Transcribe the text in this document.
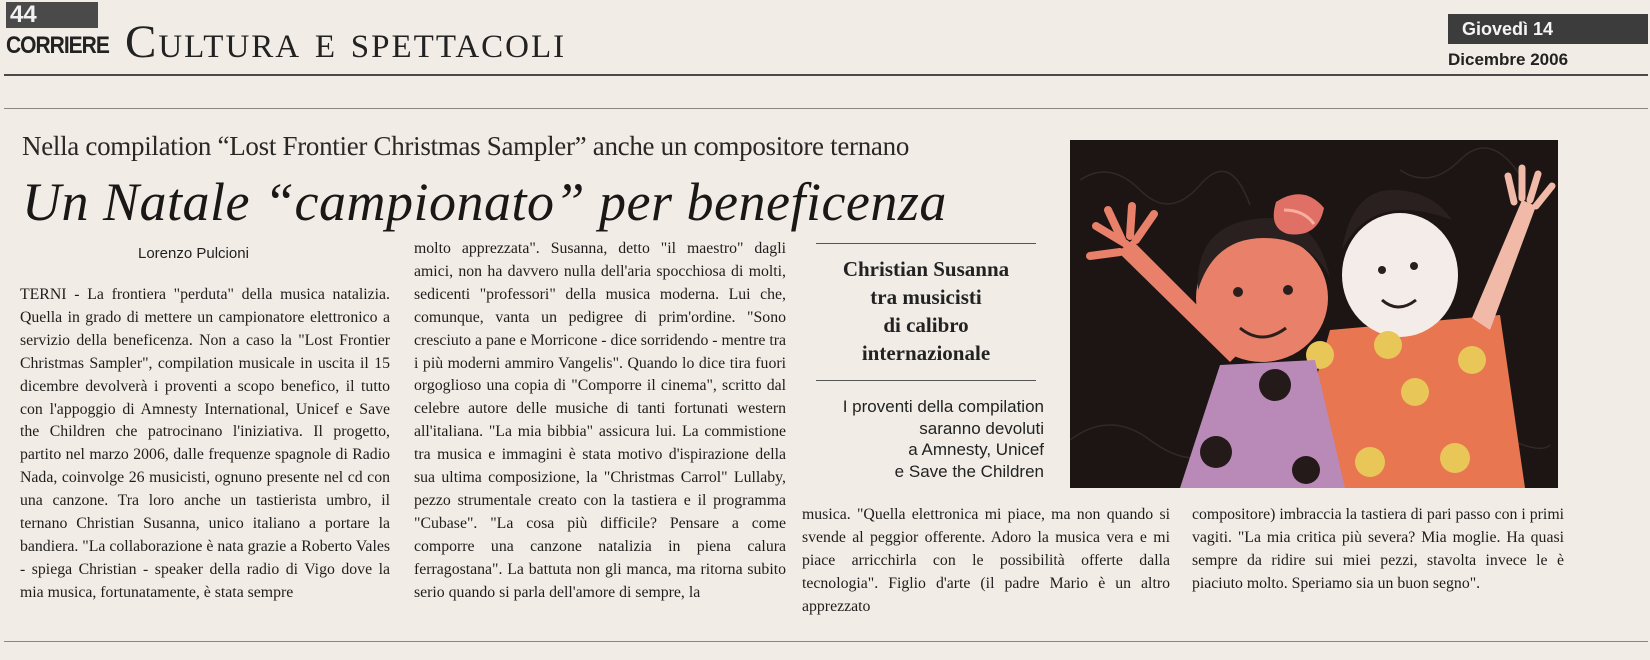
44
CORRIERE Cultura e spettacoli	Giovedì 14
Dicembre 2006
Nella compilation “Lost Frontier Christmas Sampler” anche un compositore ternano
Un Natale “campionato” per beneficenza
Lorenzo Pulcioni

TERNI - La frontiera "perduta" della musica natalizia. Quella in grado di mettere un campionatore elettronico a servizio della beneficenza. Non a caso la "Lost Frontier Christmas Sampler", compilation musicale in uscita il 15 dicembre devolverà i proventi a scopo benefico, il tutto con l'appoggio di Amnesty International, Unicef e Save the Children che patrocinano l'iniziativa. Il progetto, partito nel marzo 2006, dalle frequenze spagnole di Radio Nada, coinvolge 26 musicisti, ognuno presente nel cd con una canzone. Tra loro anche un tastierista umbro, il ternano Christian Susanna, unico italiano a portare la bandiera. "La collaborazione è nata grazie a Roberto Vales - spiega Christian - speaker della radio di Vigo dove la mia musica, fortunatamente, è stata sempre

molto apprezzata". Susanna, detto "il maestro" dagli amici, non ha davvero nulla dell'aria spocchiosa di molti, sedicenti "professori" della musica moderna. Lui che, comunque, vanta un pedigree di prim'ordine. "Sono cresciuto a pane e Morricone - dice sorridendo - mentre tra i più moderni ammiro Vangelis". Quando lo dice tira fuori orgoglioso una copia di "Comporre il cinema", scritto dal celebre autore delle musiche di tanti fortunati western all'italiana. "La mia bibbia" assicura lui. La commistione tra musica e immagini è stata motivo d'ispirazione della sua ultima composizione, la "Christmas Carrol" Lullaby, pezzo strumentale creato con la tastiera e il programma "Cubase". "La cosa più difficile? Pensare a come comporre una canzone natalizia in piena calura ferragostana". La battuta non gli manca, ma ritorna subito serio quando si parla dell'amore di sempre, la

musica. "Quella elettronica mi piace, ma non quando si svende al peggior offerente. Adoro la musica vera e mi piace arricchirla con le possibilità offerte dalla tecnologia". Figlio d'arte (il padre Mario è un altro apprezzato

compositore) imbraccia la tastiera di pari passo con i primi vagiti. "La mia critica più severa? Mia moglie. Ha quasi sempre da ridire sui miei pezzi, stavolta invece le è piaciuto molto. Speriamo sia un buon segno".

Christian Susanna
tra musicisti
di calibro
internazionale
I proventi della compilation
saranno devoluti
a Amnesty, Unicef
e Save the Children
